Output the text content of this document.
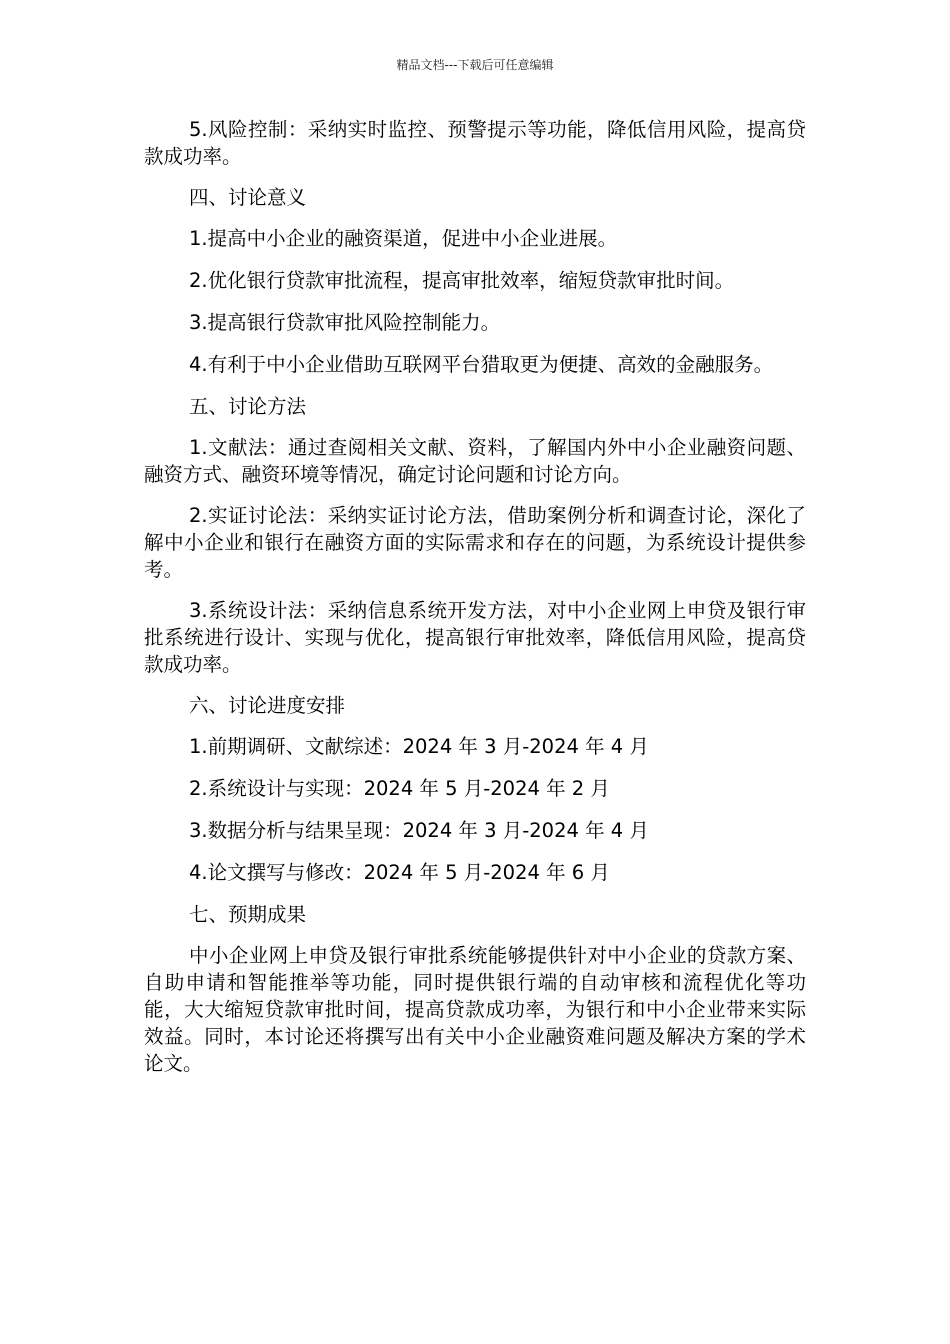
精品文档---下载后可任意编辑

5.风险控制：采纳实时监控、预警提示等功能，降低信用风险，提高贷款成功率。

四、讨论意义

1.提高中小企业的融资渠道，促进中小企业进展。

2.优化银行贷款审批流程，提高审批效率，缩短贷款审批时间。

3.提高银行贷款审批风险控制能力。

4.有利于中小企业借助互联网平台猎取更为便捷、高效的金融服务。

五、讨论方法

1.文献法：通过查阅相关文献、资料，了解国内外中小企业融资问题、融资方式、融资环境等情况，确定讨论问题和讨论方向。

2.实证讨论法：采纳实证讨论方法，借助案例分析和调查讨论，深化了解中小企业和银行在融资方面的实际需求和存在的问题，为系统设计提供参考。

3.系统设计法：采纳信息系统开发方法，对中小企业网上申贷及银行审批系统进行设计、实现与优化，提高银行审批效率，降低信用风险，提高贷款成功率。

六、讨论进度安排

1.前期调研、文献综述：2024 年 3 月-2024 年 4 月

2.系统设计与实现：2024 年 5 月-2024 年 2 月

3.数据分析与结果呈现：2024 年 3 月-2024 年 4 月

4.论文撰写与修改：2024 年 5 月-2024 年 6 月

七、预期成果

中小企业网上申贷及银行审批系统能够提供针对中小企业的贷款方案、自助申请和智能推举等功能，同时提供银行端的自动审核和流程优化等功能，大大缩短贷款审批时间，提高贷款成功率，为银行和中小企业带来实际效益。同时，本讨论还将撰写出有关中小企业融资难问题及解决方案的学术论文。
